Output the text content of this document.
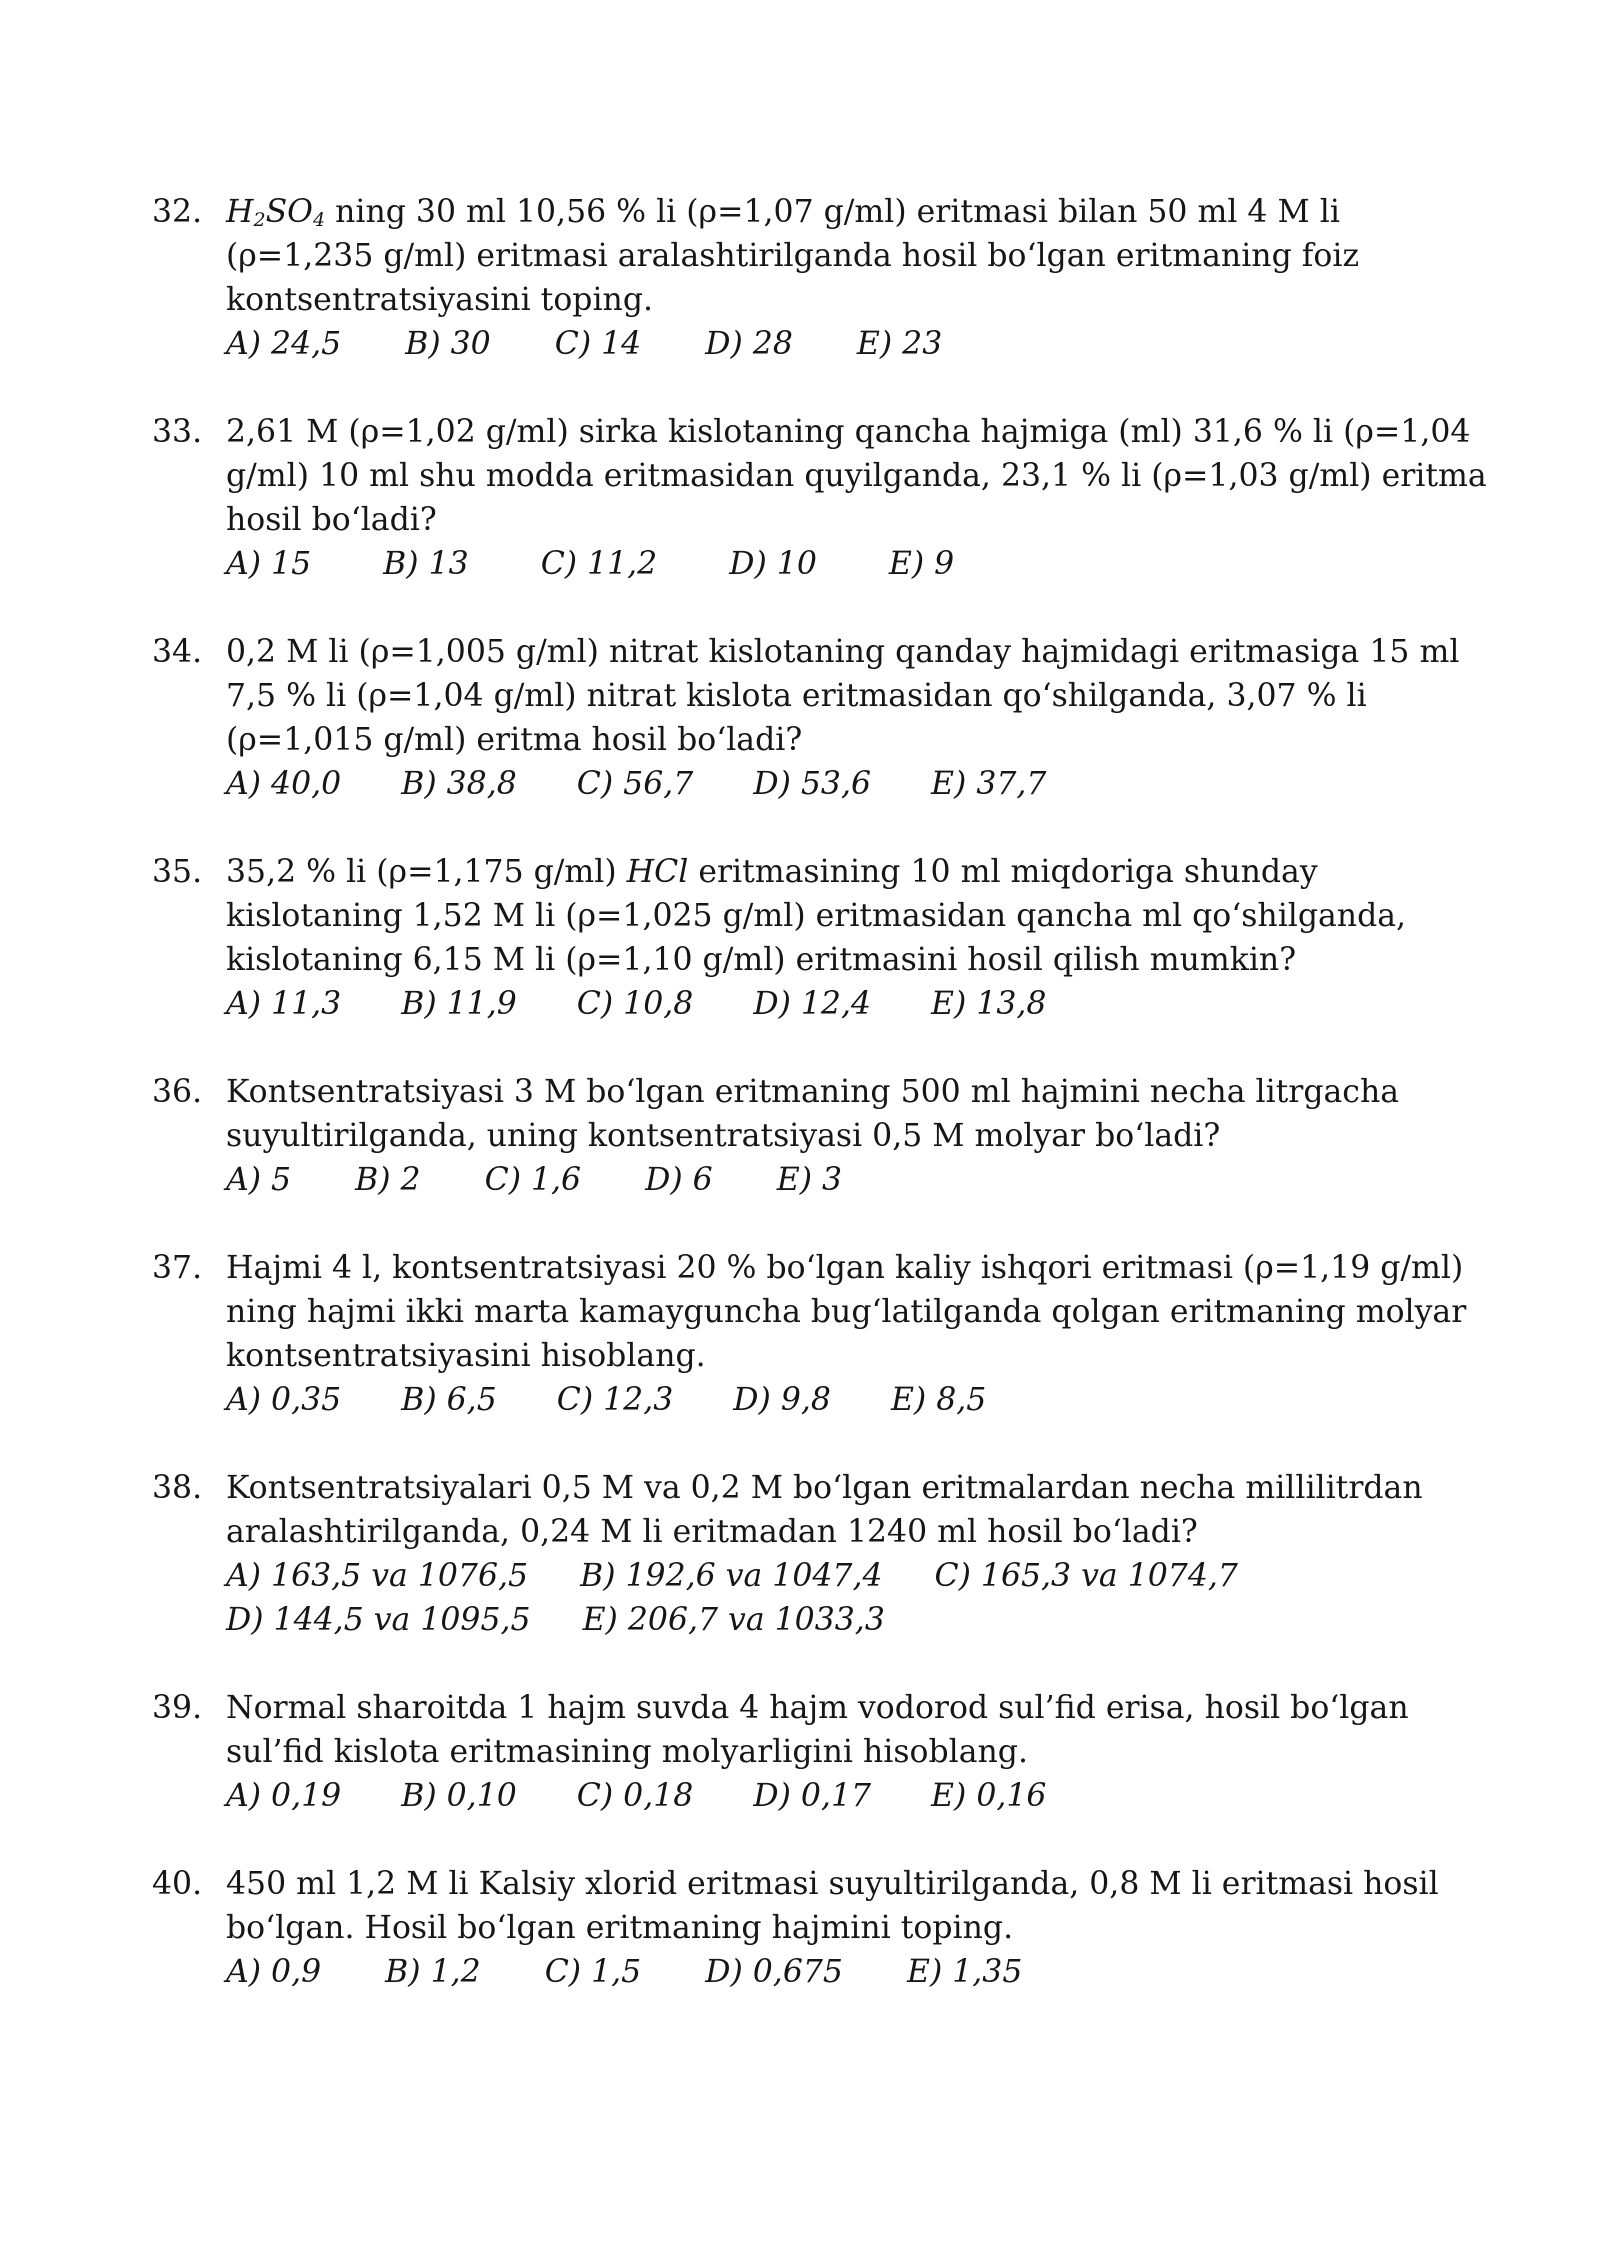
32. $H_2SO_4$ ning 30 ml 10,56 % li (ρ=1,07 g/ml) eritmasi bilan 50 ml 4 M li (ρ=1,235 g/ml) eritmasi aralashtirilganda hosil boʻlgan eritmaning foiz kontsentratsiyasini toping.

A) 24,5 B) 30 C) 14 D) 28 E) 23
33. 2,61 M (ρ=1,02 g/ml) sirka kislotaning qancha hajmiga (ml) 31,6 % li (ρ=1,04 g/ml) 10 ml shu modda eritmasidan quyilganda, 23,1 % li (ρ=1,03 g/ml) eritma hosil boʻladi?

A) 15 B) 13 C) 11,2 D) 10 E) 9
34. 0,2 M li (ρ=1,005 g/ml) nitrat kislotaning qanday hajmidagi eritmasiga 15 ml 7,5 % li (ρ=1,04 g/ml) nitrat kislota eritmasidan qoʻshilganda, 3,07 % li (ρ=1,015 g/ml) eritma hosil boʻladi?

A) 40,0 B) 38,8 C) 56,7 D) 53,6 E) 37,7
35. 35,2 % li (ρ=1,175 g/ml) HCl eritmasining 10 ml miqdoriga shunday kislotaning 1,52 M li (ρ=1,025 g/ml) eritmasidan qancha ml qoʻshilganda, kislotaning 6,15 M li (ρ=1,10 g/ml) eritmasini hosil qilish mumkin?

A) 11,3 B) 11,9 C) 10,8 D) 12,4 E) 13,8
36. Kontsentratsiyasi 3 M boʻlgan eritmaning 500 ml hajmini necha litrgacha suyultirilganda, uning kontsentratsiyasi 0,5 M molyar boʻladi?

A) 5 B) 2 C) 1,6 D) 6 E) 3
37. Hajmi 4 l, kontsentratsiyasi 20 % boʻlgan kaliy ishqori eritmasi (ρ=1,19 g/ml) ning hajmi ikki marta kamayguncha bugʻlatilganda qolgan eritmaning molyar kontsentratsiyasini hisoblang.

A) 0,35 B) 6,5 C) 12,3 D) 9,8 E) 8,5
38. Kontsentratsiyalari 0,5 M va 0,2 M boʻlgan eritmalardan necha millilitrdan aralashtirilganda, 0,24 M li eritmadan 1240 ml hosil boʻladi?

A) 163,5 va 1076,5 B) 192,6 va 1047,4 C) 165,3 va 1074,7
D) 144,5 va 1095,5 E) 206,7 va 1033,3
39. Normal sharoitda 1 hajm suvda 4 hajm vodorod sul’fid erisa, hosil boʻlgan sul’fid kislota eritmasining molyarligini hisoblang.

A) 0,19 B) 0,10 C) 0,18 D) 0,17 E) 0,16
40. 450 ml 1,2 M li Kalsiy xlorid eritmasi suyultirilganda, 0,8 M li eritmasi hosil boʻlgan. Hosil boʻlgan eritmaning hajmini toping.

A) 0,9 B) 1,2 C) 1,5 D) 0,675 E) 1,35
